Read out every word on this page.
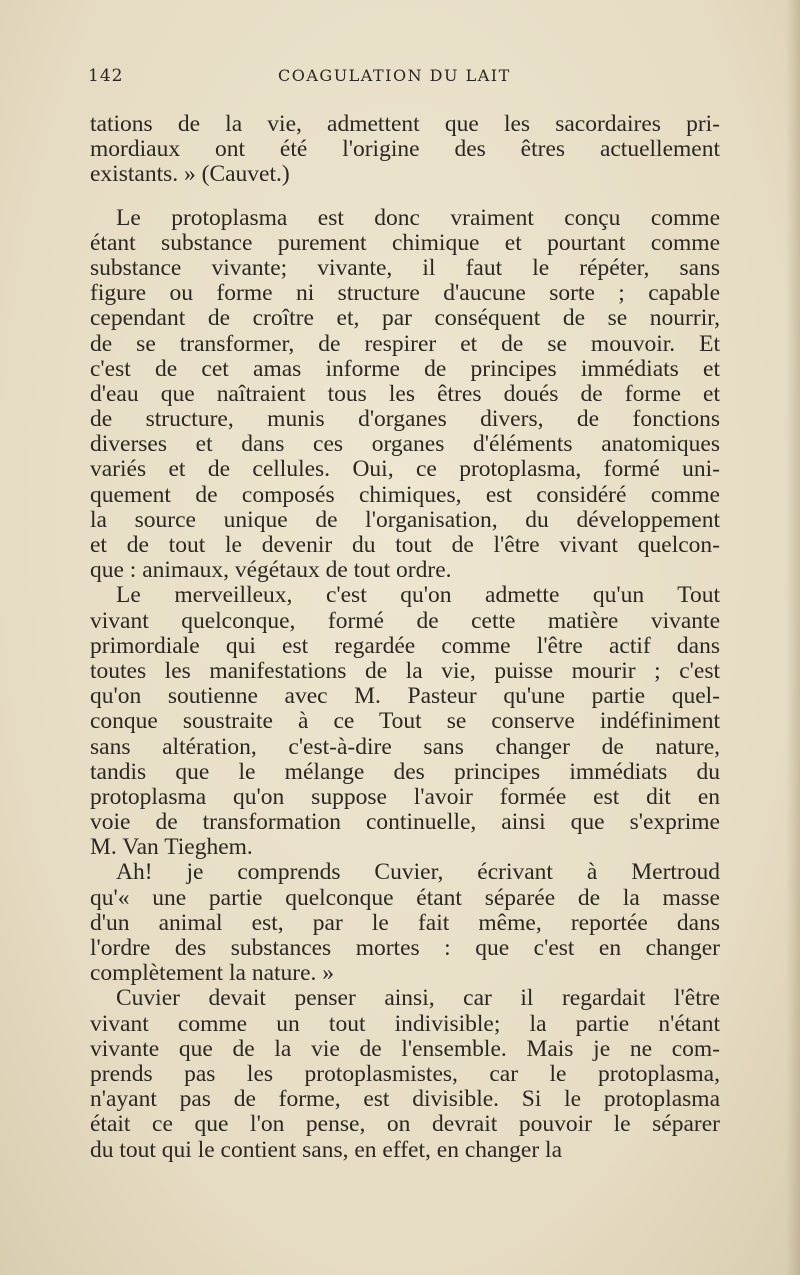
142	COAGULATION DU LAIT
tations de la vie, admettent que les sacordaires pri-
mordiaux ont été l'origine des êtres actuellement
existants. » (Cauvet.)
Le protoplasma est donc vraiment conçu comme
étant substance purement chimique et pourtant comme
substance vivante; vivante, il faut le répéter, sans
figure ou forme ni structure d'aucune sorte ; capable
cependant de croître et, par conséquent de se nourrir,
de se transformer, de respirer et de se mouvoir. Et
c'est de cet amas informe de principes immédiats et
d'eau que naîtraient tous les êtres doués de forme et
de structure, munis d'organes divers, de fonctions
diverses et dans ces organes d'éléments anatomiques
variés et de cellules. Oui, ce protoplasma, formé uni-
quement de composés chimiques, est considéré comme
la source unique de l'organisation, du développement
et de tout le devenir du tout de l'être vivant quelcon-
que : animaux, végétaux de tout ordre.
Le merveilleux, c'est qu'on admette qu'un Tout
vivant quelconque, formé de cette matière vivante
primordiale qui est regardée comme l'être actif dans
toutes les manifestations de la vie, puisse mourir ; c'est
qu'on soutienne avec M. Pasteur qu'une partie quel-
conque soustraite à ce Tout se conserve indéfiniment
sans altération, c'est-à-dire sans changer de nature,
tandis que le mélange des principes immédiats du
protoplasma qu'on suppose l'avoir formée est dit en
voie de transformation continuelle, ainsi que s'exprime
M. Van Tieghem.
Ah! je comprends Cuvier, écrivant à Mertroud
qu'« une partie quelconque étant séparée de la masse
d'un animal est, par le fait même, reportée dans
l'ordre des substances mortes : que c'est en changer
complètement la nature. »
Cuvier devait penser ainsi, car il regardait l'être
vivant comme un tout indivisible; la partie n'étant
vivante que de la vie de l'ensemble. Mais je ne com-
prends pas les protoplasmistes, car le protoplasma,
n'ayant pas de forme, est divisible. Si le protoplasma
était ce que l'on pense, on devrait pouvoir le séparer
du tout qui le contient sans, en effet, en changer la
